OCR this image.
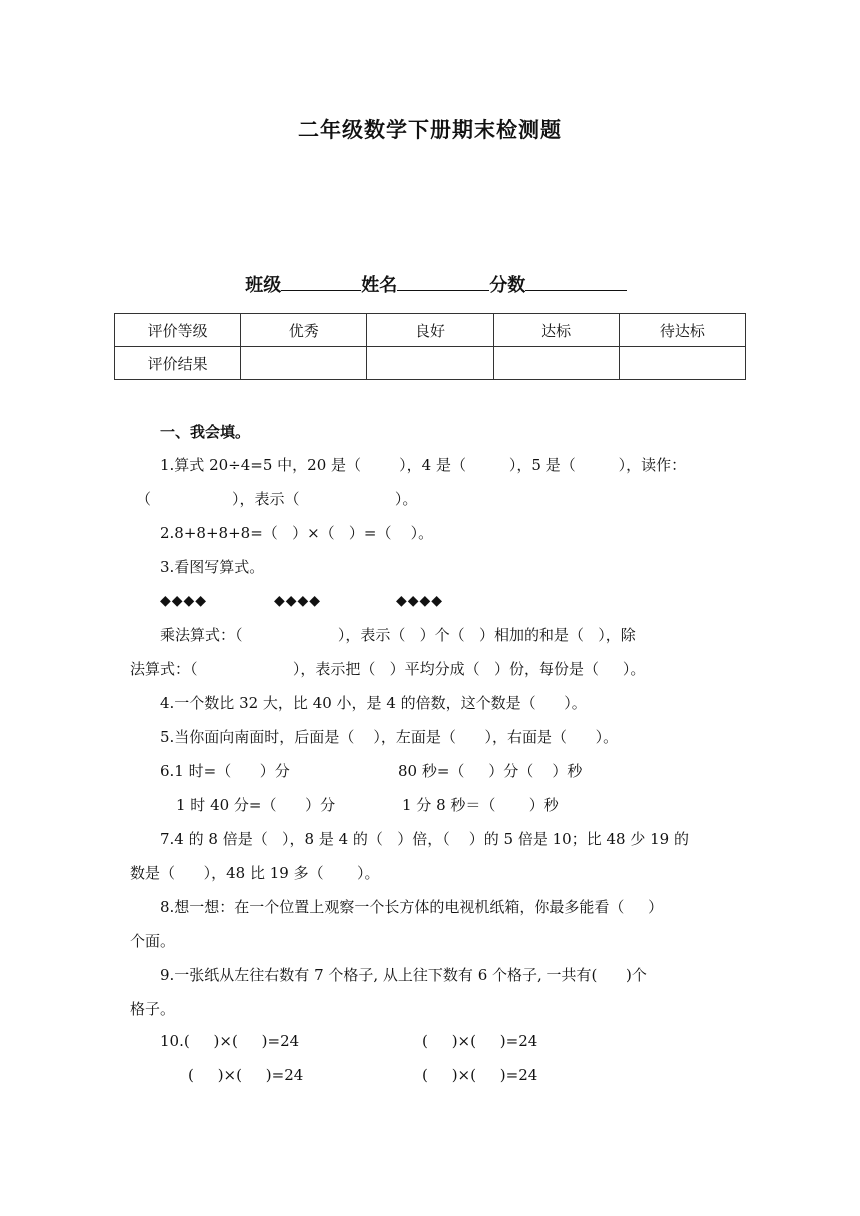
二年级数学下册期末检测题

班级	姓名	分数

评价等级	优秀	良好	达标	待达标
评价结果				
一、我会填。
1.算式 20÷4=5 中，20 是（        ），4 是（         ），5 是（         ），读作：
（                 ），表示（                    ）。
2.8+8+8+8=（   ）×（   ）=（    ）。
3.看图写算式。
◆◆◆◆	◆◆◆◆	◆◆◆◆
乘法算式：（                    ），表示（   ）个（   ）相加的和是（   ），除
法算式：（                    ），表示把（   ）平均分成（   ）份，每份是（     ）。
4.一个数比 32 大，比 40 小，是 4 的倍数，这个数是（      ）。
5.当你面向南面时，后面是（    ），左面是（      ），右面是（      ）。
6.1 时=（      ）分	80 秒=（     ）分（    ）秒
1 时 40 分=（      ）分	1 分 8 秒＝（       ）秒
7.4 的 8 倍是（   ），8 是 4 的（   ）倍，（    ）的 5 倍是 10；比 48 少 19 的
数是（      ），48 比 19 多（       ）。
8.想一想：在一个位置上观察一个长方体的电视机纸箱，你最多能看（     ）
个面。
9.一张纸从左往右数有 7 个格子, 从上往下数有 6 个格子, 一共有(      )个
格子。
10.(     )×(     )=24	(     )×(     )=24
(     )×(     )=24	(     )×(     )=24
